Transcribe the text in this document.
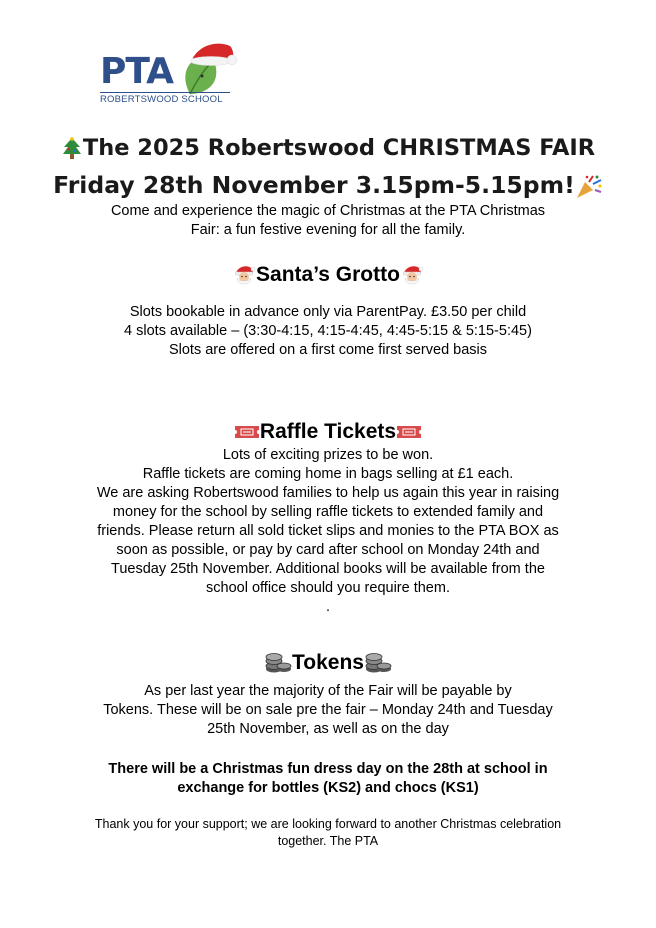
PTA
ROBERTSWOOD SCHOOL
The 2025 Robertswood CHRISTMAS FAIR
Friday 28th November 3.15pm-5.15pm!
Come and experience the magic of Christmas at the PTA Christmas
Fair: a fun festive evening for all the family.
Santa’s Grotto
Slots bookable in advance only via ParentPay. £3.50 per child
4 slots available – (3:30-4:15, 4:15-4:45, 4:45-5:15 & 5:15-5:45)
Slots are offered on a first come first served basis
Raffle Tickets
Lots of exciting prizes to be won.
Raffle tickets are coming home in bags selling at £1 each.
We are asking Robertswood families to help us again this year in raising
money for the school by selling raffle tickets to extended family and
friends. Please return all sold ticket slips and monies to the PTA BOX as
soon as possible, or pay by card after school on Monday 24th and
Tuesday 25th November. Additional books will be available from the
school office should you require them.
.
Tokens
As per last year the majority of the Fair will be payable by
Tokens. These will be on sale pre the fair – Monday 24th and Tuesday
25th November, as well as on the day
There will be a Christmas fun dress day on the 28th at school in
exchange for bottles (KS2) and chocs (KS1)
Thank you for your support; we are looking forward to another Christmas celebration
together. The PTA
